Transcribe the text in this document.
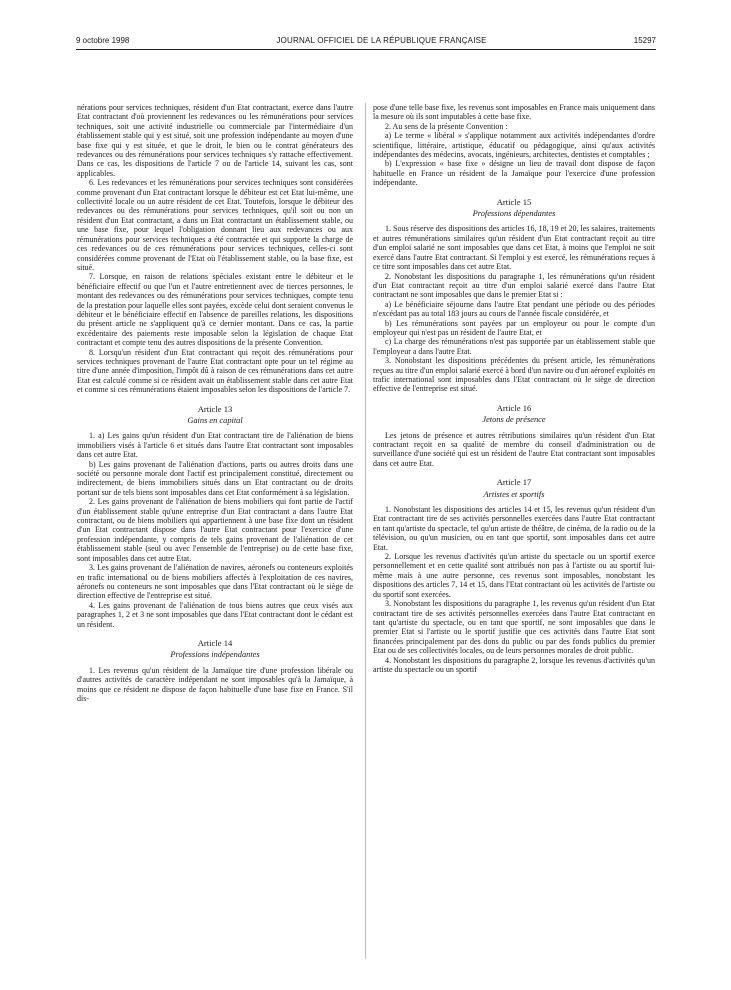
9 octobre 1998	JOURNAL OFFICIEL DE LA RÉPUBLIQUE FRANÇAISE	15297

nérations pour services techniques, résident d'un Etat contractant, exerce dans l'autre Etat contractant d'où proviennent les redevances ou les rémunérations pour services techniques, soit une activité industrielle ou commerciale par l'intermédiaire d'un établissement stable qui y est situé, soit une profession indépendante au moyen d'une base fixe qui y est située, et que le droit, le bien ou le contrat générateurs des redevances ou des rémunérations pour services techniques s'y rattache effectivement. Dans ce cas, les dispositions de l'article 7 ou de l'article 14, suivant les cas, sont applicables.

6. Les redevances et les rémunérations pour services techniques sont considérées comme provenant d'un Etat contractant lorsque le débiteur est cet Etat lui-même, une collectivité locale ou un autre résident de cet Etat. Toutefois, lorsque le débiteur des redevances ou des rémunérations pour services techniques, qu'il soit ou non un résident d'un Etat contractant, a dans un Etat contractant un établissement stable, ou une base fixe, pour lequel l'obligation donnant lieu aux redevances ou aux rémunérations pour services techniques a été contractée et qui supporte la charge de ces redevances ou de ces rémunérations pour services techniques, celles-ci sont considérées comme provenant de l'Etat où l'établissement stable, ou la base fixe, est situé.

7. Lorsque, en raison de relations spéciales existant entre le débiteur et le bénéficiaire effectif ou que l'un et l'autre entretiennent avec de tierces personnes, le montant des redevances ou des rémunérations pour services techniques, compte tenu de la prestation pour laquelle elles sont payées, excède celui dont seraient convenus le débiteur et le bénéficiaire effectif en l'absence de pareilles relations, les dispositions du présent article ne s'appliquent qu'à ce dernier montant. Dans ce cas, la partie excédentaire des paiements reste imposable selon la législation de chaque Etat contractant et compte tenu des autres dispositions de la présente Convention.

8. Lorsqu'un résident d'un Etat contractant qui reçoit des rémunérations pour services techniques provenant de l'autre Etat contractant opte pour un tel régime au titre d'une année d'imposition, l'impôt dû à raison de ces rémunérations dans cet autre Etat est calculé comme si ce résident avait un établissement stable dans cet autre Etat et comme si ces rémunérations étaient imposables selon les dispositions de l'article 7.

Article 13
Gains en capital

1. a) Les gains qu'un résident d'un Etat contractant tire de l'aliénation de biens immobiliers visés à l'article 6 et situés dans l'autre Etat contractant sont imposables dans cet autre Etat.

b) Les gains provenant de l'aliénation d'actions, parts ou autres droits dans une société ou personne morale dont l'actif est principalement constitué, directement ou indirectement, de biens immobiliers situés dans un Etat contractant ou de droits portant sur de tels biens sont imposables dans cet Etat conformément à sa législation.

2. Les gains provenant de l'aliénation de biens mobiliers qui font partie de l'actif d'un établissement stable qu'une entreprise d'un Etat contractant a dans l'autre Etat contractant, ou de biens mobiliers qui appartiennent à une base fixe dont un résident d'un Etat contractant dispose dans l'autre Etat contractant pour l'exercice d'une profession indépendante, y compris de tels gains provenant de l'aliénation de cet établissement stable (seul ou avec l'ensemble de l'entreprise) ou de cette base fixe, sont imposables dans cet autre Etat.

3. Les gains provenant de l'aliénation de navires, aéronefs ou conteneurs exploités en trafic international ou de biens mobiliers affectés à l'exploitation de ces navires, aéronefs ou conteneurs ne sont imposables que dans l'Etat contractant où le siège de direction effective de l'entreprise est situé.

4. Les gains provenant de l'aliénation de tous biens autres que ceux visés aux paragraphes 1, 2 et 3 ne sont imposables que dans l'Etat contractant dont le cédant est un résident.

Article 14
Professions indépendantes

1. Les revenus qu'un résident de la Jamaïque tire d'une profession libérale ou d'autres activités de caractère indépendant ne sont imposables qu'à la Jamaïque, à moins que ce résident ne dispose de façon habituelle d'une base fixe en France. S'il dis-

pose d'une telle base fixe, les revenus sont imposables en France mais uniquement dans la mesure où ils sont imputables à cette base fixe.

2. Au sens de la présente Convention :

a) Le terme « libéral » s'applique notamment aux activités indépendantes d'ordre scientifique, littéraire, artistique, éducatif ou pédagogique, ainsi qu'aux activités indépendantes des médecins, avocats, ingénieurs, architectes, dentistes et comptables ;

b) L'expression « base fixe » désigne un lieu de travail dont dispose de façon habituelle en France un résident de la Jamaïque pour l'exercice d'une profession indépendante.

Article 15
Professions dépendantes

1. Sous réserve des dispositions des articles 16, 18, 19 et 20, les salaires, traitements et autres rémunérations similaires qu'un résident d'un Etat contractant reçoit au titre d'un emploi salarié ne sont imposables que dans cet Etat, à moins que l'emploi ne soit exercé dans l'autre Etat contractant. Si l'emploi y est exercé, les rémunérations reçues à ce titre sont imposables dans cet autre Etat.

2. Nonobstant les dispositions du paragraphe 1, les rémunérations qu'un résident d'un Etat contractant reçoit au titre d'un emploi salarié exercé dans l'autre Etat contractant ne sont imposables que dans le premier Etat si :

a) Le bénéficiaire séjourne dans l'autre Etat pendant une période ou des périodes n'excédant pas au total 183 jours au cours de l'année fiscale considérée, et

b) Les rémunérations sont payées par un employeur ou pour le compte d'un employeur qui n'est pas un résident de l'autre Etat, et

c) La charge des rémunérations n'est pas supportée par un établissement stable que l'employeur a dans l'autre Etat.

3. Nonobstant les dispositions précédentes du présent article, les rémunérations reçues au titre d'un emploi salarié exercé à bord d'un navire ou d'un aéronef exploités en trafic international sont imposables dans l'Etat contractant où le siège de direction effective de l'entreprise est situé.

Article 16
Jetons de présence

Les jetons de présence et autres rétributions similaires qu'un résident d'un Etat contractant reçoit en sa qualité de membre du conseil d'administration ou de surveillance d'une société qui est un résident de l'autre Etat contractant sont imposables dans cet autre Etat.

Article 17
Artistes et sportifs

1. Nonobstant les dispositions des articles 14 et 15, les revenus qu'un résident d'un Etat contractant tire de ses activités personnelles exercées dans l'autre Etat contractant en tant qu'artiste du spectacle, tel qu'un artiste de théâtre, de cinéma, de la radio ou de la télévision, ou qu'un musicien, ou en tant que sportif, sont imposables dans cet autre Etat.

2. Lorsque les revenus d'activités qu'un artiste du spectacle ou un sportif exerce personnellement et en cette qualité sont attribués non pas à l'artiste ou au sportif lui-même mais à une autre personne, ces revenus sont imposables, nonobstant les dispositions des articles 7, 14 et 15, dans l'Etat contractant où les activités de l'artiste ou du sportif sont exercées.

3. Nonobstant les dispositions du paragraphe 1, les revenus qu'un résident d'un Etat contractant tire de ses activités personnelles exercées dans l'autre Etat contractant en tant qu'artiste du spectacle, ou en tant que sportif, ne sont imposables que dans le premier Etat si l'artiste ou le sportif justifie que ces activités dans l'autre Etat sont financées principalement par des dons du public ou par des fonds publics du premier Etat ou de ses collectivités locales, ou de leurs personnes morales de droit public.

4. Nonobstant les dispositions du paragraphe 2, lorsque les revenus d'activités qu'un artiste du spectacle ou un sportif
